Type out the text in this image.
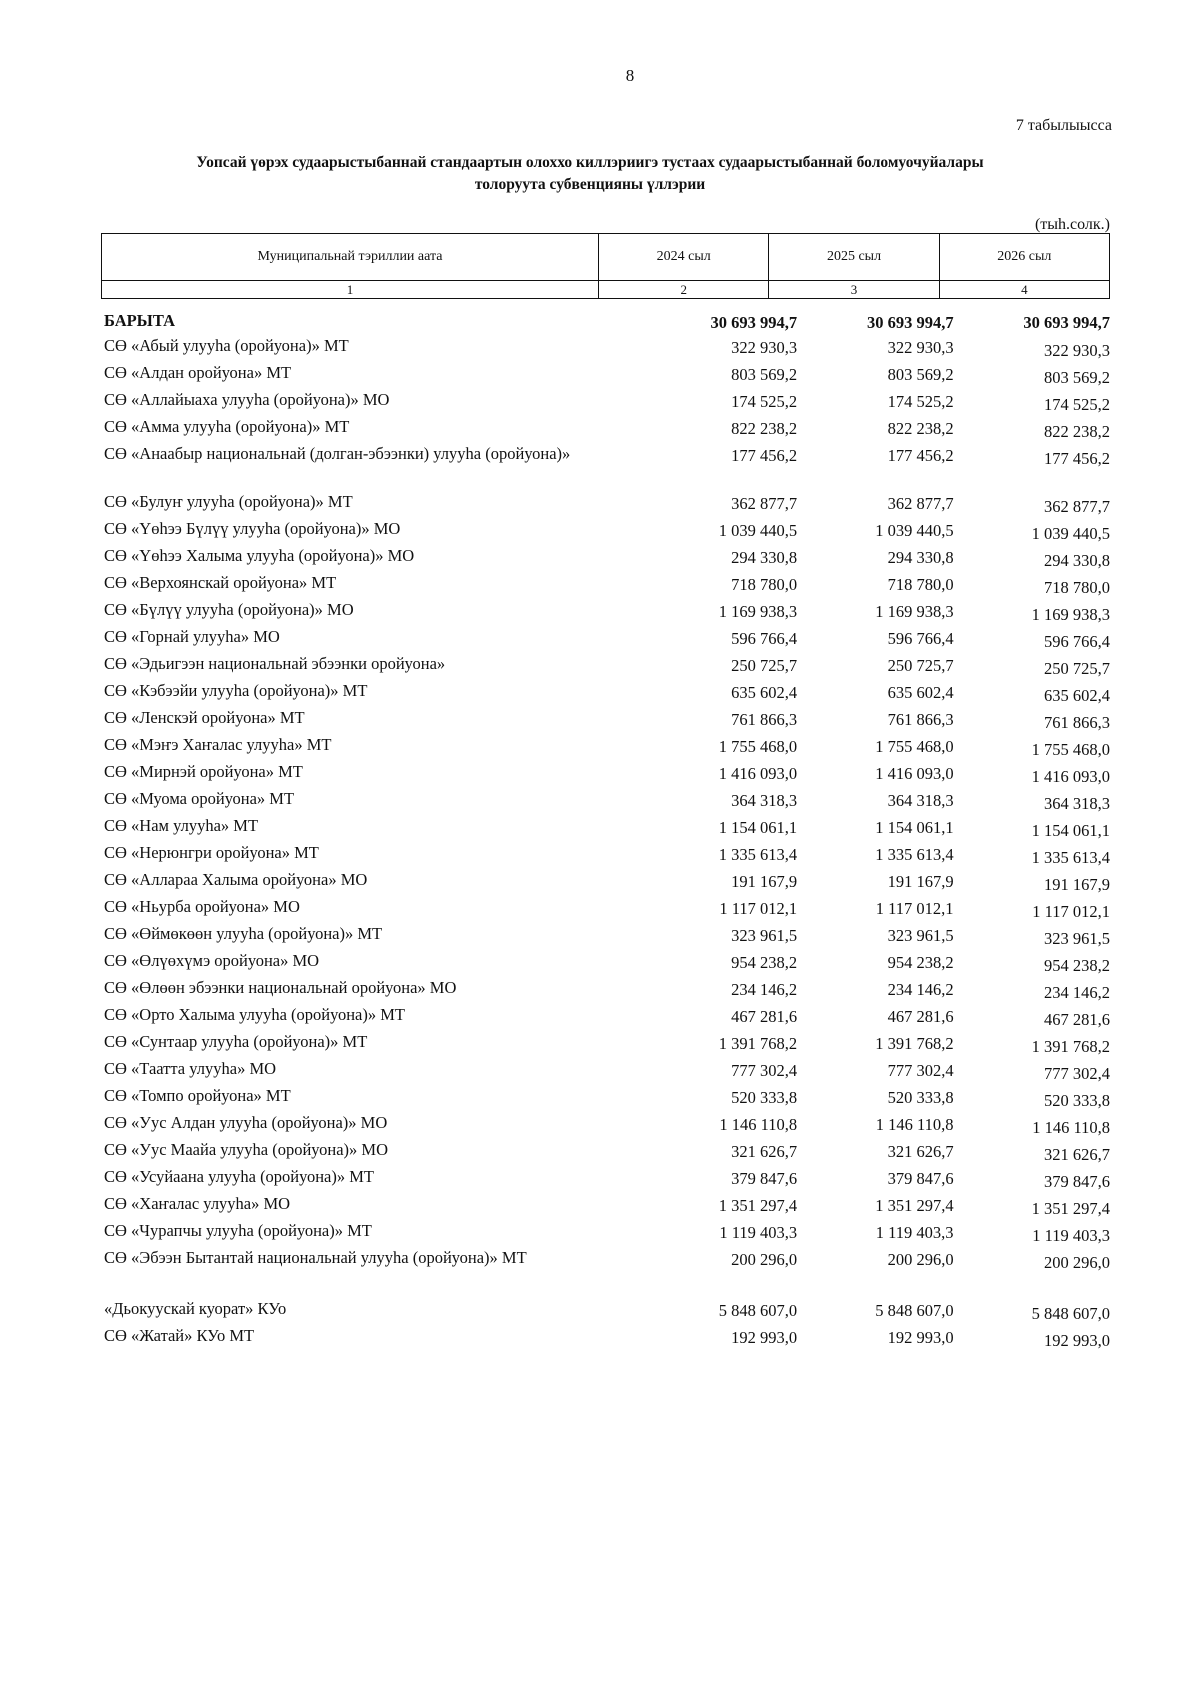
8
7 табылыысса
Уопсай үөрэх судаарыстыбаннай стандаартын олоххо киллэриигэ тустаах судаарыстыбаннай боломуочуйалары
толоруута субвенцияны үллэрии
(тыһ.солк.)
Муниципальнай тэриллии аата	2024 сыл	2025 сыл	2026 сыл
1	2	3	4
БАРЫТА	30 693 994,7	30 693 994,7	30 693 994,7
СӨ «Абый улууһа (оройуона)» МТ	322 930,3	322 930,3	322 930,3
СӨ «Алдан оройуона» МТ	803 569,2	803 569,2	803 569,2
СӨ «Аллайыаха улууһа (оройуона)» МО	174 525,2	174 525,2	174 525,2
СӨ «Амма улууһа (оройуона)» МТ	822 238,2	822 238,2	822 238,2
СӨ «Анаабыр национальнай (долган-эбээнки) улууһа (оройуона)»	177 456,2	177 456,2	177 456,2
СӨ «Булуҥ улууһа (оройуона)» МТ	362 877,7	362 877,7	362 877,7
СӨ «Үөһээ Бүлүү улууһа (оройуона)» МО	1 039 440,5	1 039 440,5	1 039 440,5
СӨ «Үөһээ Халыма улууһа (оройуона)» МО	294 330,8	294 330,8	294 330,8
СӨ «Верхоянскай оройуона» МТ	718 780,0	718 780,0	718 780,0
СӨ «Бүлүү улууһа (оройуона)» МО	1 169 938,3	1 169 938,3	1 169 938,3
СӨ «Горнай улууһа» МО	596 766,4	596 766,4	596 766,4
СӨ «Эдьигээн национальнай эбээнки оройуона»	250 725,7	250 725,7	250 725,7
СӨ «Кэбээйи улууһа (оройуона)» МТ	635 602,4	635 602,4	635 602,4
СӨ «Ленскэй оройуона» МТ	761 866,3	761 866,3	761 866,3
СӨ «Мэҥэ Хаҥалас улууһа» МТ	1 755 468,0	1 755 468,0	1 755 468,0
СӨ «Мирнэй оройуона» МТ	1 416 093,0	1 416 093,0	1 416 093,0
СӨ «Муома оройуона» МТ	364 318,3	364 318,3	364 318,3
СӨ «Нам улууһа» МТ	1 154 061,1	1 154 061,1	1 154 061,1
СӨ «Нерюнгри оройуона» МТ	1 335 613,4	1 335 613,4	1 335 613,4
СӨ «Аллараа Халыма оройуона» МО	191 167,9	191 167,9	191 167,9
СӨ «Ньурба оройуона» МО	1 117 012,1	1 117 012,1	1 117 012,1
СӨ «Өймөкөөн улууһа (оройуона)» МТ	323 961,5	323 961,5	323 961,5
СӨ «Өлүөхүмэ оройуона» МО	954 238,2	954 238,2	954 238,2
СӨ «Өлөөн эбээнки национальнай оройуона» МО	234 146,2	234 146,2	234 146,2
СӨ «Орто Халыма улууһа (оройуона)» МТ	467 281,6	467 281,6	467 281,6
СӨ «Сунтаар улууһа (оройуона)» МТ	1 391 768,2	1 391 768,2	1 391 768,2
СӨ «Таатта улууһа» МО	777 302,4	777 302,4	777 302,4
СӨ «Томпо оройуона» МТ	520 333,8	520 333,8	520 333,8
СӨ «Уус Алдан улууһа (оройуона)» МО	1 146 110,8	1 146 110,8	1 146 110,8
СӨ «Уус Маайа улууһа (оройуона)» МО	321 626,7	321 626,7	321 626,7
СӨ «Усуйаана улууһа (оройуона)» МТ	379 847,6	379 847,6	379 847,6
СӨ «Хаҥалас улууһа» МО	1 351 297,4	1 351 297,4	1 351 297,4
СӨ «Чурапчы улууһа (оройуона)» МТ	1 119 403,3	1 119 403,3	1 119 403,3
СӨ «Эбээн Бытантай национальнай улууһа (оройуона)» МТ	200 296,0	200 296,0	200 296,0
«Дьокуускай куорат» КУо	5 848 607,0	5 848 607,0	5 848 607,0
СӨ «Жатай» КУо МТ	192 993,0	192 993,0	192 993,0
